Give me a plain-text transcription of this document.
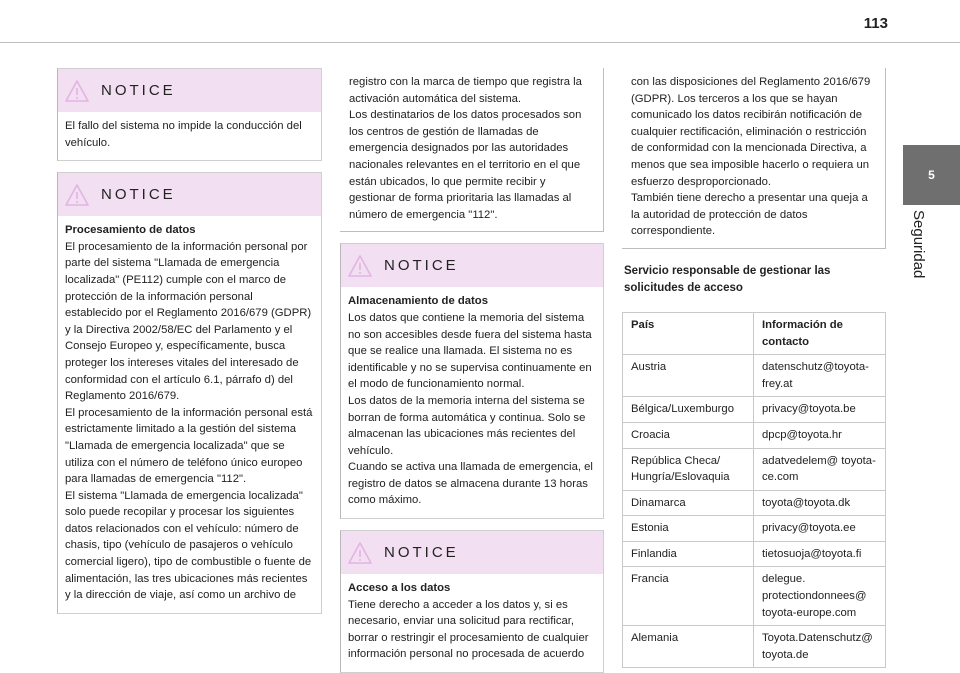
113
5
Seguridad
NOTICE
El fallo del sistema no impide la conducción del vehículo.
NOTICE
Procesamiento de datos
El procesamiento de la información personal por parte del sistema "Llamada de emergencia localizada" (PE112) cumple con el marco de protección de la información personal establecido por el Reglamento 2016/679 (GDPR) y la Directiva 2002/58/EC del Parlamento y el Consejo Europeo y, específicamente, busca proteger los intereses vitales del interesado de conformidad con el artículo 6.1, párrafo d) del Reglamento 2016/679.
El procesamiento de la información personal está estrictamente limitado a la gestión del sistema "Llamada de emergencia localizada" que se utiliza con el número de teléfono único europeo para llamadas de emergencia "112".
El sistema "Llamada de emergencia localizada" solo puede recopilar y procesar los siguientes datos relacionados con el vehículo: número de chasis, tipo (vehículo de pasajeros o vehículo comercial ligero), tipo de combustible o fuente de alimentación, las tres ubicaciones más recientes y la dirección de viaje, así como un archivo de
registro con la marca de tiempo que registra la activación automática del sistema.
Los destinatarios de los datos procesados son los centros de gestión de llamadas de emergencia designados por las autoridades nacionales relevantes en el territorio en el que están ubicados, lo que permite recibir y gestionar de forma prioritaria las llamadas al número de emergencia "112".
NOTICE
Almacenamiento de datos
Los datos que contiene la memoria del sistema no son accesibles desde fuera del sistema hasta que se realice una llamada. El sistema no es identificable y no se supervisa continuamente en el modo de funcionamiento normal.
Los datos de la memoria interna del sistema se borran de forma automática y continua. Solo se almacenan las ubicaciones más recientes del vehículo.
Cuando se activa una llamada de emergencia, el registro de datos se almacena durante 13 horas como máximo.
NOTICE
Acceso a los datos
Tiene derecho a acceder a los datos y, si es necesario, enviar una solicitud para rectificar, borrar o restringir el procesamiento de cualquier información personal no procesada de acuerdo
con las disposiciones del Reglamento 2016/679 (GDPR). Los terceros a los que se hayan comunicado los datos recibirán notificación de cualquier rectificación, eliminación o restricción de conformidad con la mencionada Directiva, a menos que sea imposible hacerlo o requiera un esfuerzo desproporcionado.
También tiene derecho a presentar una queja a la autoridad de protección de datos correspondiente.
Servicio responsable de gestionar las solicitudes de acceso
País	Información de contacto
Austria	datenschutz@toyota-frey.at
Bélgica/Luxemburgo	privacy@toyota.be
Croacia	dpcp@toyota.hr
República Checa/ Hungría/Eslovaquia	adatvedelem@ toyota-ce.com
Dinamarca	toyota@toyota.dk
Estonia	privacy@toyota.ee
Finlandia	tietosuoja@toyota.fi
Francia	delegue. protectiondonnees@ toyota-europe.com
Alemania	Toyota.Datenschutz@ toyota.de
